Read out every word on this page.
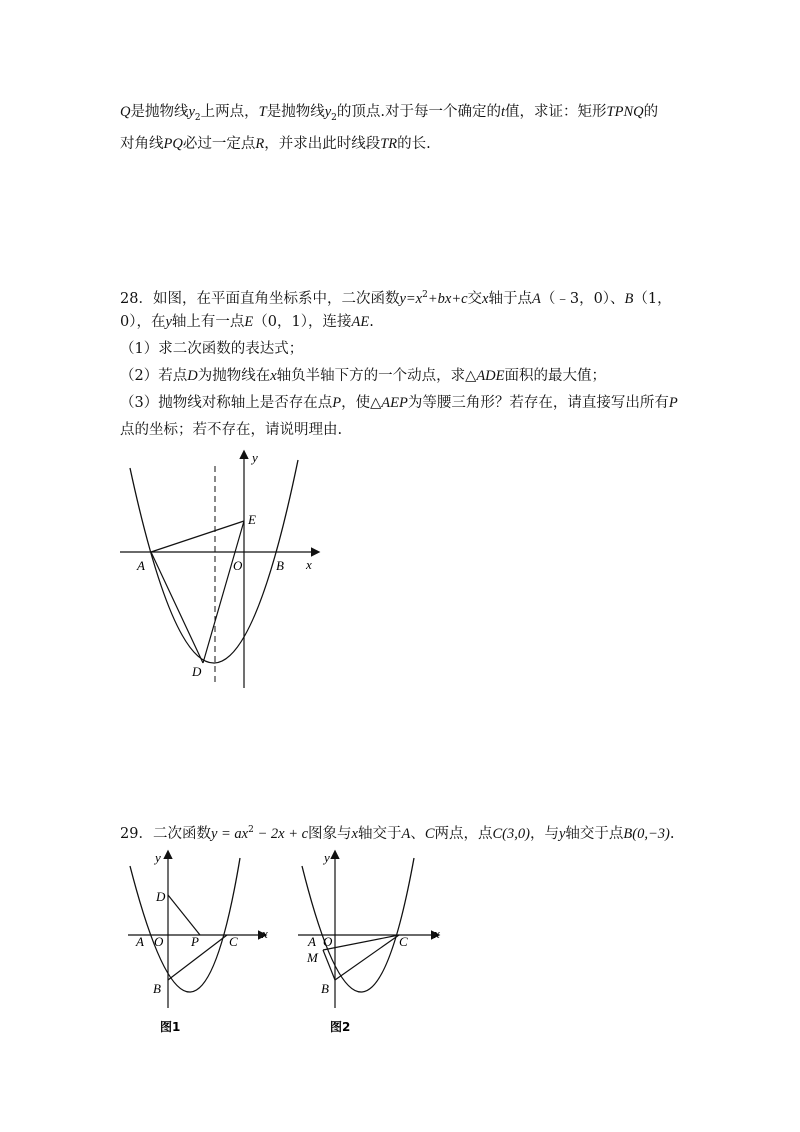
Q是抛物线$y_2$上两点，T是抛物线$y_2$的顶点.对于每一个确定的t值，求证：矩形TPNQ的
对角线PQ必过一定点R，并求出此时线段TR的长.
28．如图，在平面直角坐标系中，二次函数$y=x^2+bx+c$交x轴于点A（﹣3，0）、B（1，
0），在y轴上有一点E（0，1），连接AE.
（1）求二次函数的表达式；
（2）若点D为抛物线在x轴负半轴下方的一个动点，求△ADE面积的最大值；
（3）抛物线对称轴上是否存在点P，使△AEP为等腰三角形？若存在，请直接写出所有P
点的坐标；若不存在，请说明理由.
y
x
E
A	O	B
D
29．二次函数$y = ax^2 - 2x + c$图象与x轴交于A、C两点，点C(3,0)，与y轴交于点B(0,−3).
y
x
D
A O P C
B
图1
y
x
A O
M
C
B
图2
